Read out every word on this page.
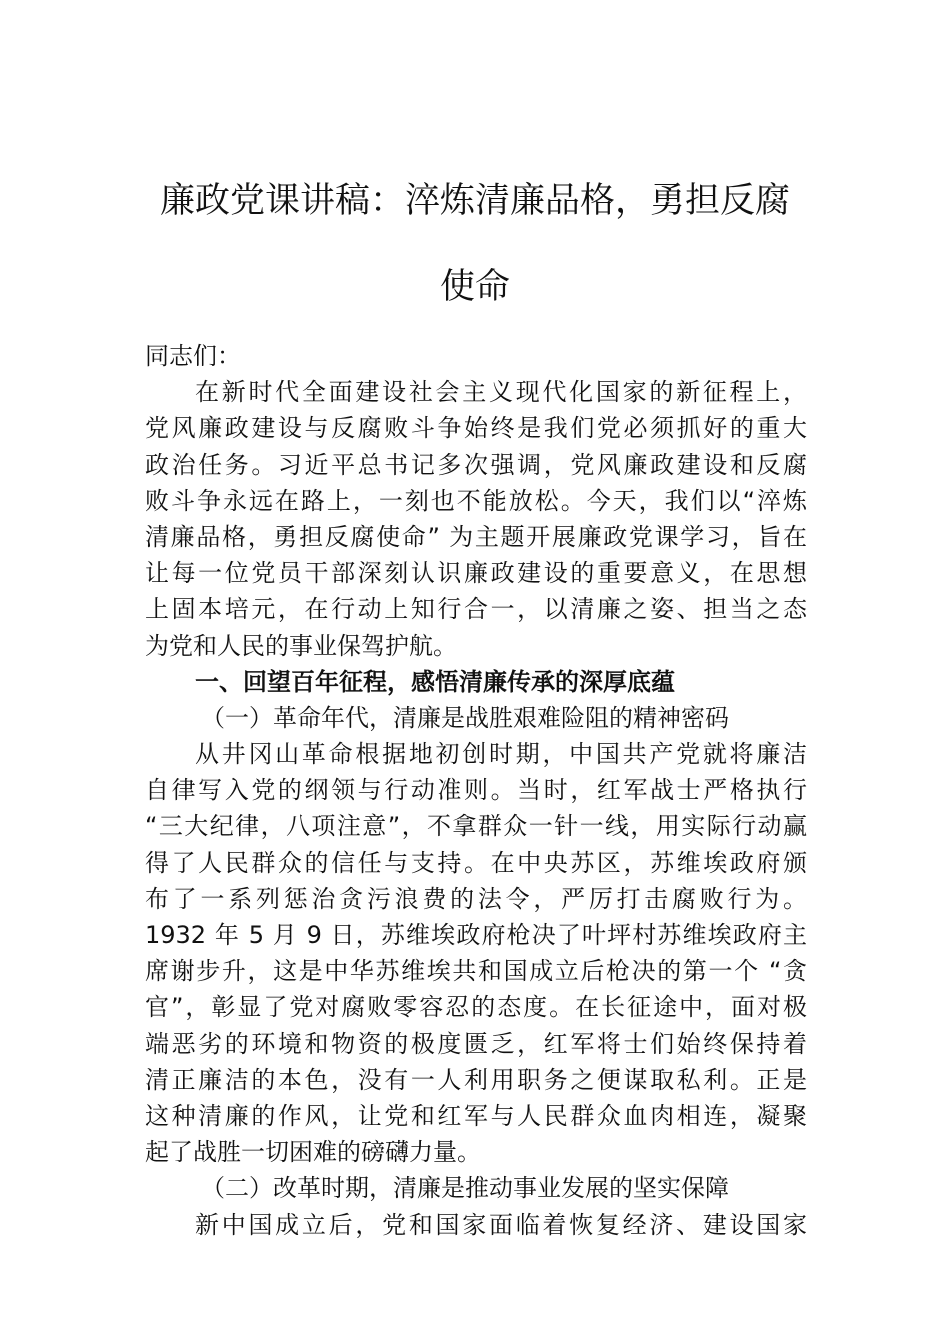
廉政党课讲稿：淬炼清廉品格，勇担反腐
使命
同志们：
在新时代全面建设社会主义现代化国家的新征程上，
党风廉政建设与反腐败斗争始终是我们党必须抓好的重大
政治任务。习近平总书记多次强调，党风廉政建设和反腐
败斗争永远在路上，一刻也不能放松。今天，我们以“淬炼
清廉品格，勇担反腐使命” 为主题开展廉政党课学习，旨在
让每一位党员干部深刻认识廉政建设的重要意义，在思想
上固本培元，在行动上知行合一，以清廉之姿、担当之态
为党和人民的事业保驾护航。
一、回望百年征程，感悟清廉传承的深厚底蕴
（一）革命年代，清廉是战胜艰难险阻的精神密码
从井冈山革命根据地初创时期，中国共产党就将廉洁
自律写入党的纲领与行动准则。当时，红军战士严格执行
“三大纪律，八项注意”，不拿群众一针一线，用实际行动赢
得了人民群众的信任与支持。在中央苏区，苏维埃政府颁
布了一系列惩治贪污浪费的法令，严厉打击腐败行为。
1932 年 5 月 9 日，苏维埃政府枪决了叶坪村苏维埃政府主
席谢步升，这是中华苏维埃共和国成立后枪决的第一个 “贪
官”，彰显了党对腐败零容忍的态度。在长征途中，面对极
端恶劣的环境和物资的极度匮乏，红军将士们始终保持着
清正廉洁的本色，没有一人利用职务之便谋取私利。正是
这种清廉的作风，让党和红军与人民群众血肉相连，凝聚
起了战胜一切困难的磅礴力量。
（二）改革时期，清廉是推动事业发展的坚实保障
新中国成立后，党和国家面临着恢复经济、建设国家
